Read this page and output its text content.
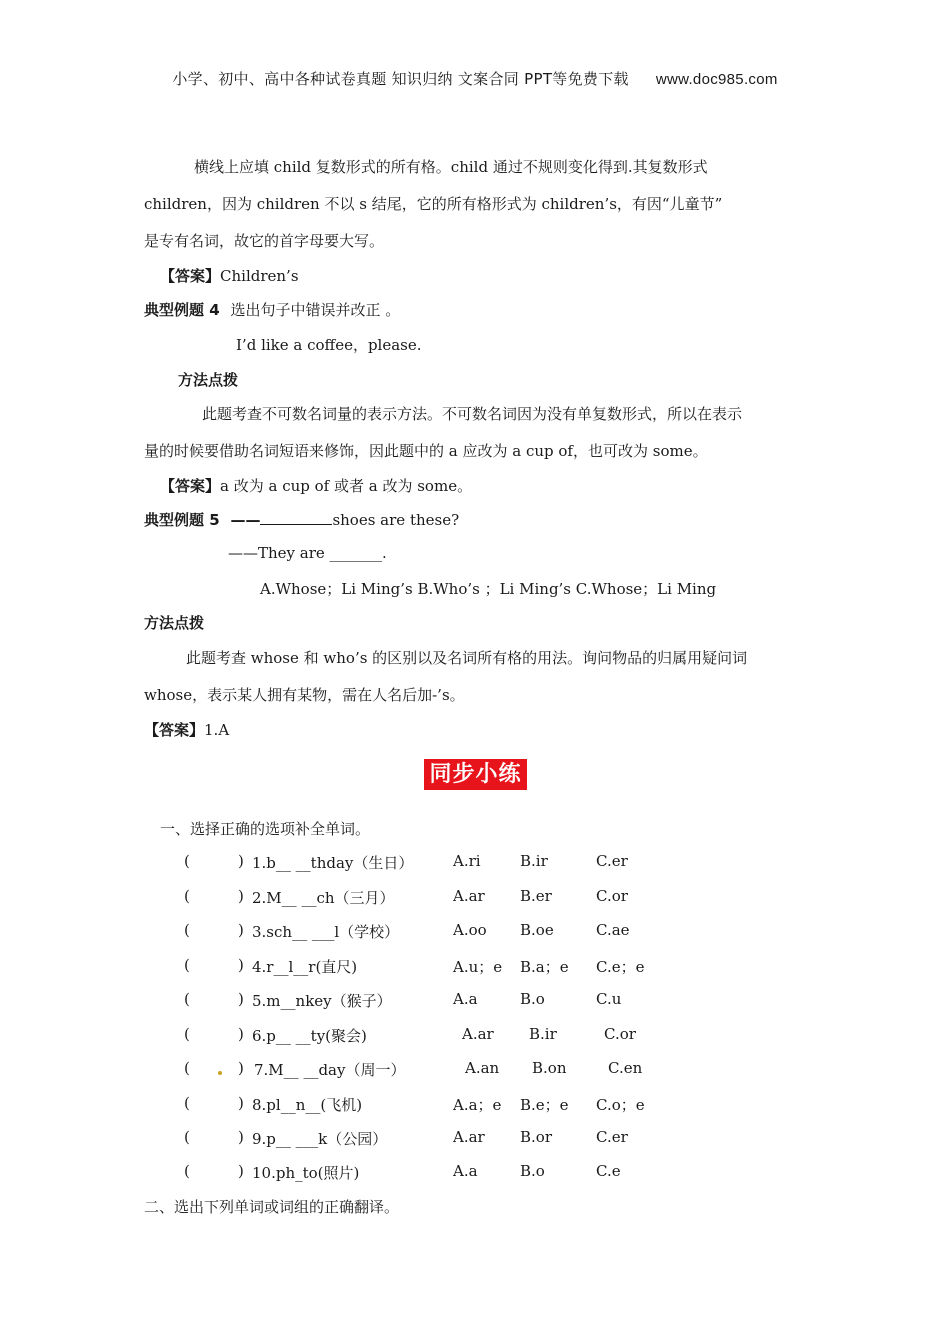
小学、初中、高中各种试卷真题 知识归纳 文案合同 PPT等免费下载 www.doc985.com
横线上应填 child 复数形式的所有格。child 通过不规则变化得到.其复数形式
children，因为 children 不以 s 结尾，它的所有格形式为 children’s，有因“儿童节”
是专有名词，故它的首字母要大写。
【答案】Children’s
典型例题 4 选出句子中错误并改正 。
I’d like a coffee，please.
方法点拨
此题考查不可数名词量的表示方法。不可数名词因为没有单复数形式，所以在表示
量的时候要借助名词短语来修饰，因此题中的 a 应改为 a cup of，也可改为 some。
【答案】a 改为 a cup of 或者 a 改为 some。
典型例题 5 ——	shoes are these?
——They are _______.
A.Whose；Li Ming’s B.Who’s ；Li Ming’s C.Whose；Li Ming
方法点拨
此题考查 whose 和 who’s 的区别以及名词所有格的用法。询问物品的归属用疑问词
whose，表示某人拥有某物，需在人名后加-’s。
【答案】1.A
同步小练
一、选择正确的选项补全单词。
(	) 1.b__ __thday（生日）	A.ri	B.ir	C.er
(	) 2.M__ __ch（三月）	A.ar B.er	C.or
(	) 3.sch__ ___l（学校）	A.oo B.oe	C.ae
(	) 4.r__l__r(直尺)	A.u；e B.a；e C.e；e
(	) 5.m__nkey（猴子）	A.a	B.o	C.u
(	) 6.p__ __ty(聚会)	A.ar B.ir	C.or
(	) 7.M__ __day（周一）	A.an B.on	C.en
(	) 8.pl__n__(飞机)	A.a；e B.e；e C.o；e
(	) 9.p__ ___k（公园）	A.ar B.or	C.er
(	) 10.ph_to(照片)	A.a	B.o	C.e
二、选出下列单词或词组的正确翻译。
